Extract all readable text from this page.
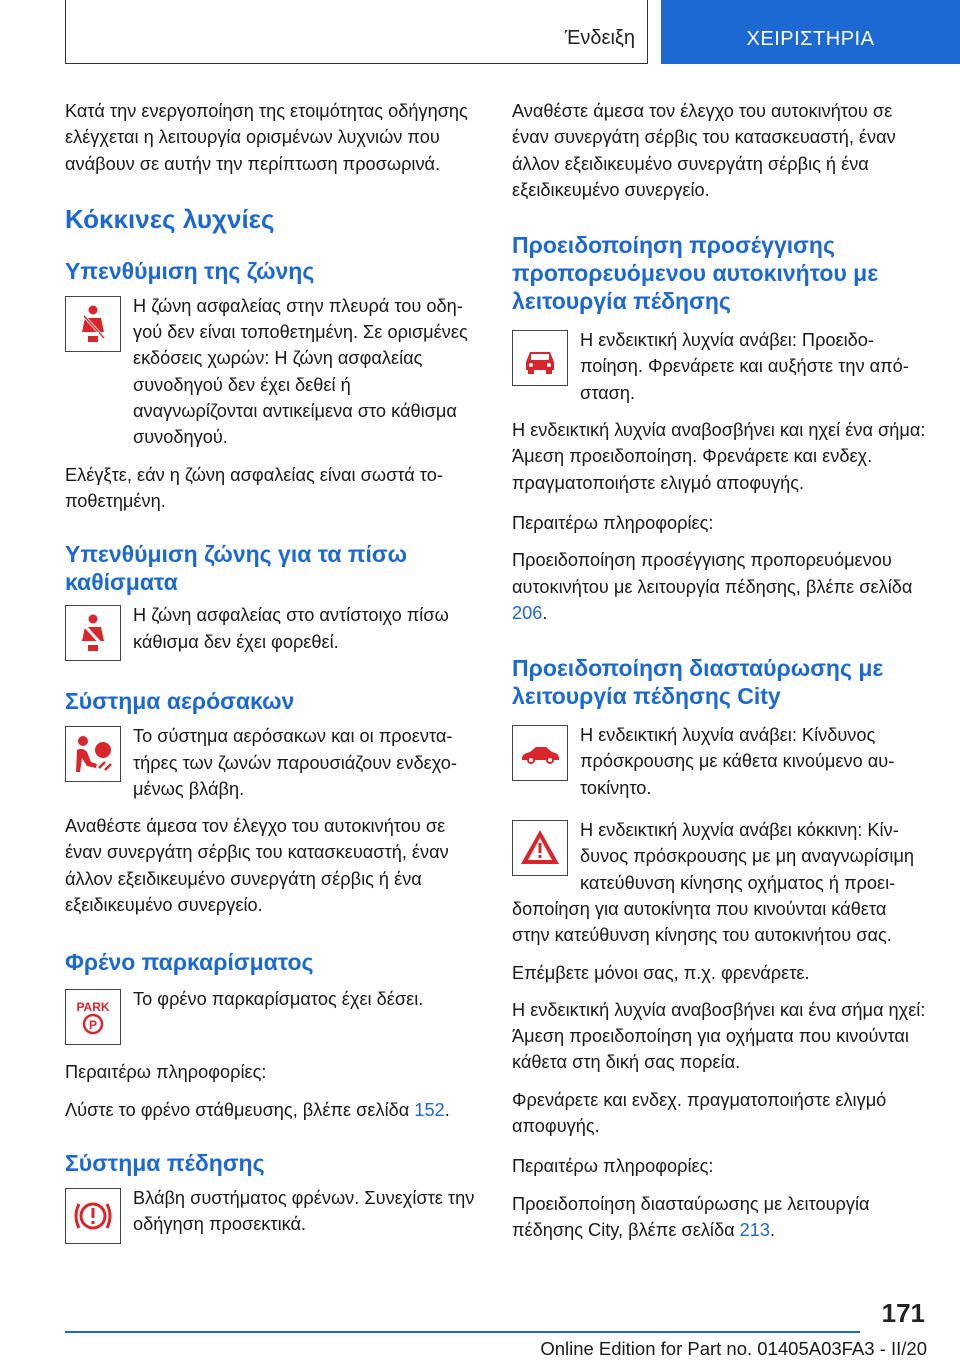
Ένδειξη	ΧΕΙΡΙΣΤΗΡΙΑ

Κατά την ενεργοποίηση της ετοιμότητας οδήγησης ελέγχεται η λειτουργία ορισμένων λυχνιών που ανάβουν σε αυτήν την περίπτωση προσωρινά.

Κόκκινες λυχνίες
Υπενθύμιση της ζώνης

Η ζώνη ασφαλείας στην πλευρά του οδηγού δεν είναι τοποθετημένη. Σε ορισμένες εκδόσεις χωρών: Η ζώνη ασφαλείας συνοδηγού δεν έχει δεθεί ή αναγνωρίζονται αντικείμενα στο κάθισμα συνοδηγού.

Ελέγξτε, εάν η ζώνη ασφαλείας είναι σωστά τοποθετημένη.

Υπενθύμιση ζώνης για τα πίσω καθίσματα

Η ζώνη ασφαλείας στο αντίστοιχο πίσω κάθισμα δεν έχει φορεθεί.

Σύστημα αερόσακων

Το σύστημα αερόσακων και οι προεντατήρες των ζωνών παρουσιάζουν ενδεχομένως βλάβη.

Αναθέστε άμεσα τον έλεγχο του αυτοκινήτου σε έναν συνεργάτη σέρβις του κατασκευαστή, έναν άλλον εξειδικευμένο συνεργάτη σέρβις ή ένα εξειδικευμένο συνεργείο.

Φρένο παρκαρίσματος
PARK
P

Το φρένο παρκαρίσματος έχει δέσει.

Περαιτέρω πληροφορίες:

Λύστε το φρένο στάθμευσης, βλέπε σελίδα 152.

Σύστημα πέδησης

Βλάβη συστήματος φρένων. Συνεχίστε την οδήγηση προσεκτικά.

Αναθέστε άμεσα τον έλεγχο του αυτοκινήτου σε έναν συνεργάτη σέρβις του κατασκευαστή, έναν άλλον εξειδικευμένο συνεργάτη σέρβις ή ένα εξειδικευμένο συνεργείο.

Προειδοποίηση προσέγγισης προπορευόμενου αυτοκινήτου με λειτουργία πέδησης

Η ενδεικτική λυχνία ανάβει: Προειδοποίηση. Φρενάρετε και αυξήστε την απόσταση.

Η ενδεικτική λυχνία αναβοσβήνει και ηχεί ένα σήμα: Άμεση προειδοποίηση. Φρενάρετε και ενδεχ. πραγματοποιήστε ελιγμό αποφυγής.

Περαιτέρω πληροφορίες:

Προειδοποίηση προσέγγισης προπορευόμενου αυτοκινήτου με λειτουργία πέδησης, βλέπε σελίδα 206.

Προειδοποίηση διασταύρωσης με λειτουργία πέδησης City

Η ενδεικτική λυχνία ανάβει: Κίνδυνος πρόσκρουσης με κάθετα κινούμενο αυτοκίνητο.

Η ενδεικτική λυχνία ανάβει κόκκινη: Κίνδυνος πρόσκρουσης με μη αναγνωρίσιμη κατεύθυνση κίνησης οχήματος ή προειδοποίηση για αυτοκίνητα που κινούνται κάθετα στην κατεύθυνση κίνησης του αυτοκινήτου σας.

Επέμβετε μόνοι σας, π.χ. φρενάρετε.

Η ενδεικτική λυχνία αναβοσβήνει και ένα σήμα ηχεί: Άμεση προειδοποίηση για οχήματα που κινούνται κάθετα στη δική σας πορεία.

Φρενάρετε και ενδεχ. πραγματοποιήστε ελιγμό αποφυγής.

Περαιτέρω πληροφορίες:

Προειδοποίηση διασταύρωσης με λειτουργία πέδησης City, βλέπε σελίδα 213.

171
Online Edition for Part no. 01405A03FA3 - II/20
